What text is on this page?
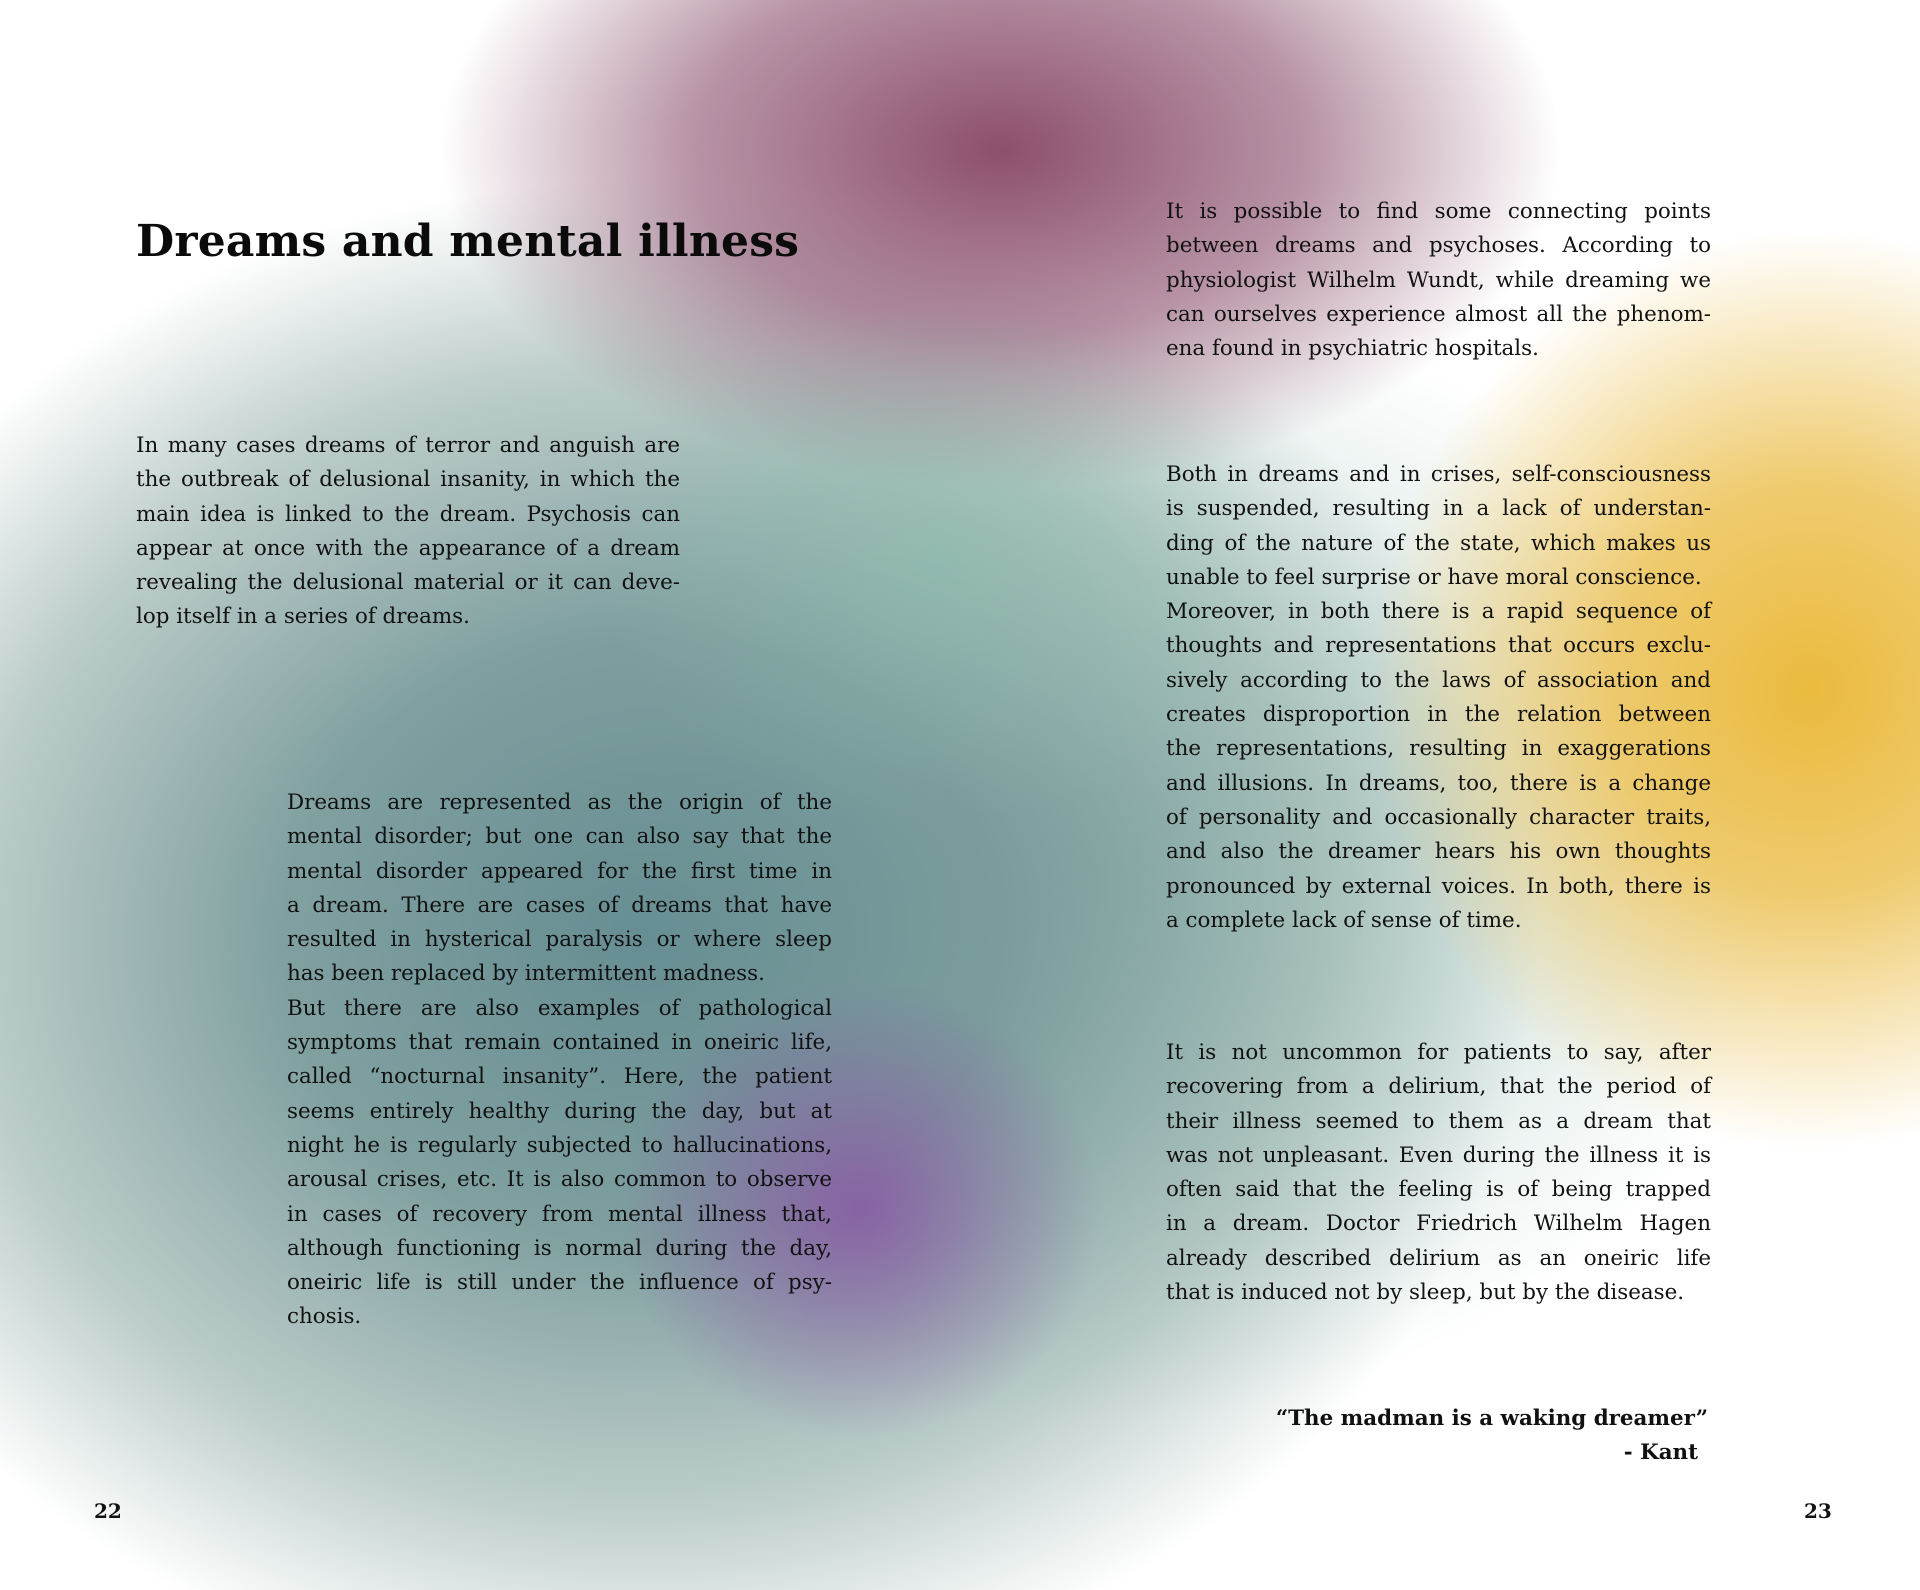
Dreams and mental illness

In many cases dreams of terror and anguish are
the outbreak of delusional insanity, in which the
main idea is linked to the dream. Psychosis can
appear at once with the appearance of a dream
revealing the delusional material or it can deve-
lop itself in a series of dreams.

Dreams are represented as the origin of the
mental disorder; but one can also say that the
mental disorder appeared for the first time in
a dream. There are cases of dreams that have
resulted in hysterical paralysis or where sleep
has been replaced by intermittent madness.
But there are also examples of pathological
symptoms that remain contained in oneiric life,
called “nocturnal insanity”. Here, the patient
seems entirely healthy during the day, but at
night he is regularly subjected to hallucinations,
arousal crises, etc. It is also common to observe
in cases of recovery from mental illness that,
although functioning is normal during the day,
oneiric life is still under the influence of psy-
chosis.

It is possible to find some connecting points
between dreams and psychoses. According to
physiologist Wilhelm Wundt, while dreaming we
can ourselves experience almost all the phenom-
ena found in psychiatric hospitals.

Both in dreams and in crises, self-consciousness
is suspended, resulting in a lack of understan-
ding of the nature of the state, which makes us
unable to feel surprise or have moral conscience.
Moreover, in both there is a rapid sequence of
thoughts and representations that occurs exclu-
sively according to the laws of association and
creates disproportion in the relation between
the representations, resulting in exaggerations
and illusions. In dreams, too, there is a change
of personality and occasionally character traits,
and also the dreamer hears his own thoughts
pronounced by external voices. In both, there is
a complete lack of sense of time.

It is not uncommon for patients to say, after
recovering from a delirium, that the period of
their illness seemed to them as a dream that
was not unpleasant. Even during the illness it is
often said that the feeling is of being trapped
in a dream. Doctor Friedrich Wilhelm Hagen
already described delirium as an oneiric life
that is induced not by sleep, but by the disease.

“The madman is a waking dreamer”
- Kant

22	23
